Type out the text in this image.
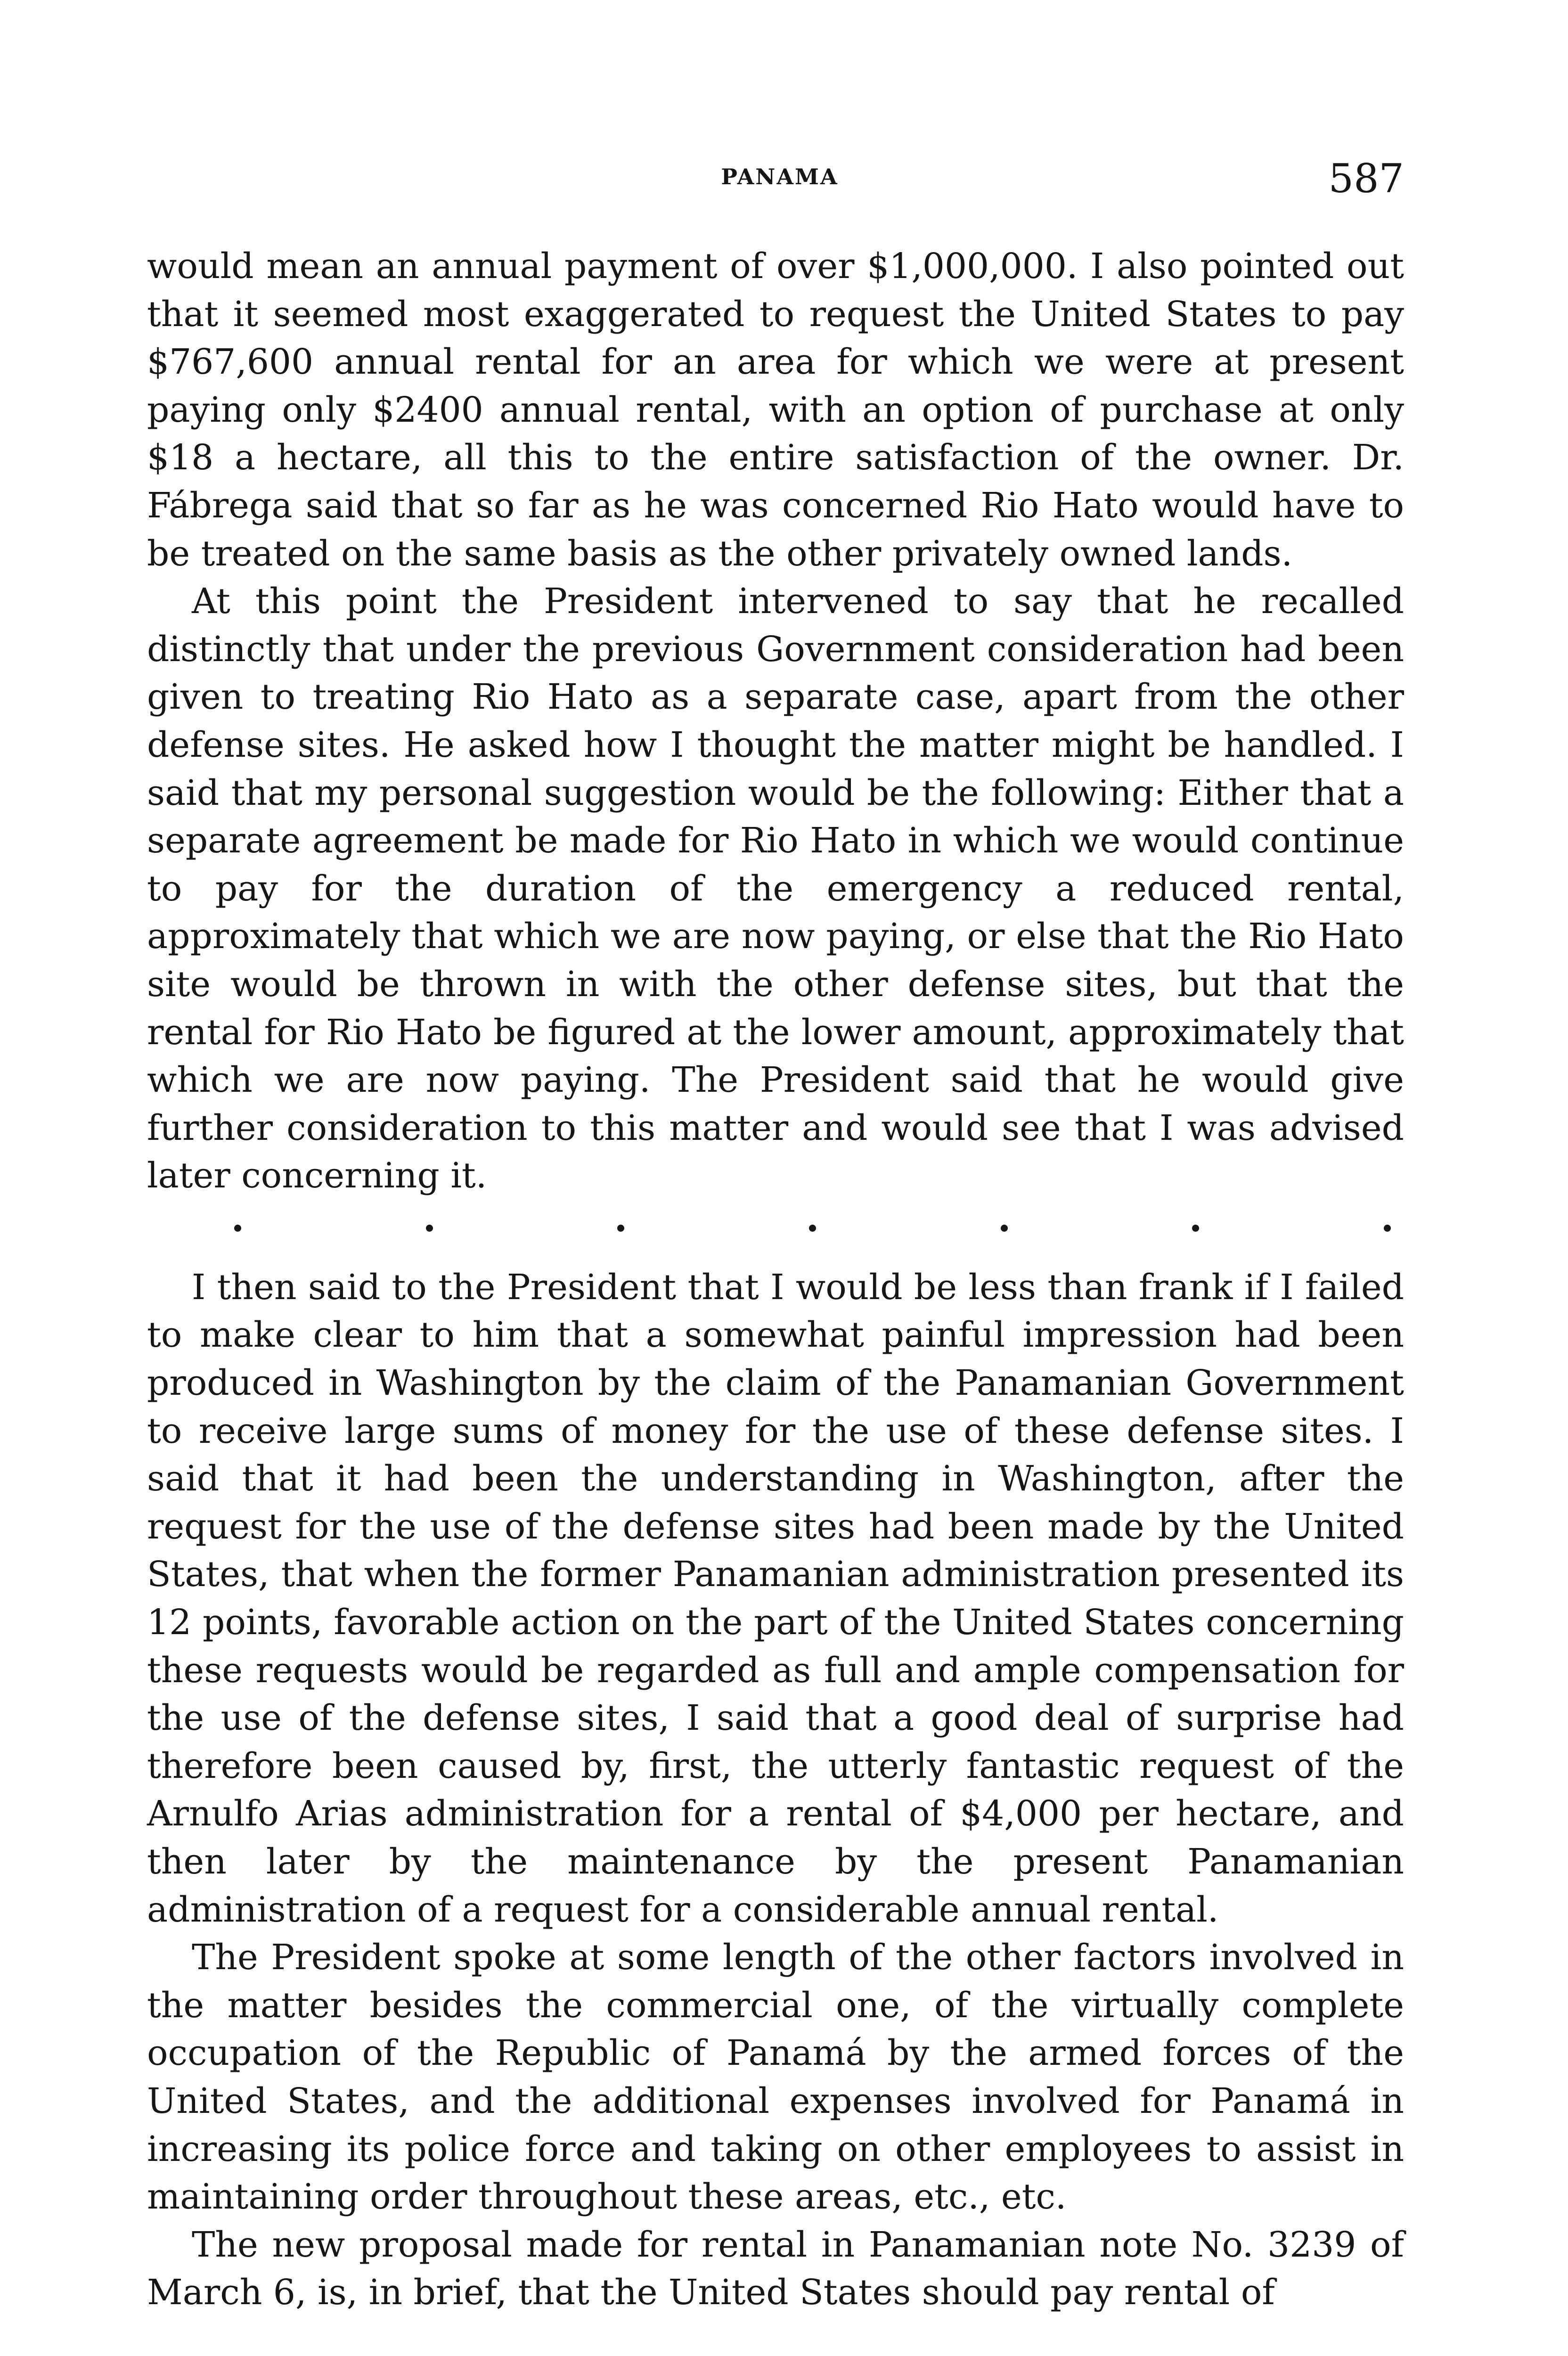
PANAMA	587

would mean an annual payment of over $1,000,000. I also pointed out that it seemed most exaggerated to request the United States to pay $767,600 annual rental for an area for which we were at present paying only $2400 annual rental, with an option of purchase at only $18 a hectare, all this to the entire satisfaction of the owner. Dr. Fábrega said that so far as he was concerned Rio Hato would have to be treated on the same basis as the other privately owned lands.

At this point the President intervened to say that he recalled distinctly that under the previous Government consideration had been given to treating Rio Hato as a separate case, apart from the other defense sites. He asked how I thought the matter might be handled. I said that my personal suggestion would be the following: Either that a separate agreement be made for Rio Hato in which we would continue to pay for the duration of the emergency a reduced rental, approximately that which we are now paying, or else that the Rio Hato site would be thrown in with the other defense sites, but that the rental for Rio Hato be figured at the lower amount, approximately that which we are now paying. The President said that he would give further consideration to this matter and would see that I was advised later concerning it.

I then said to the President that I would be less than frank if I failed to make clear to him that a somewhat painful impression had been produced in Washington by the claim of the Panamanian Government to receive large sums of money for the use of these defense sites. I said that it had been the understanding in Washington, after the request for the use of the defense sites had been made by the United States, that when the former Panamanian administration presented its 12 points, favorable action on the part of the United States concerning these requests would be regarded as full and ample compensation for the use of the defense sites, I said that a good deal of surprise had therefore been caused by, first, the utterly fantastic request of the Arnulfo Arias administration for a rental of $4,000 per hectare, and then later by the maintenance by the present Panamanian administration of a request for a considerable annual rental.

The President spoke at some length of the other factors involved in the matter besides the commercial one, of the virtually complete occupation of the Republic of Panamá by the armed forces of the United States, and the additional expenses involved for Panamá in increasing its police force and taking on other employees to assist in maintaining order throughout these areas, etc., etc.

The new proposal made for rental in Panamanian note No. 3239 of March 6, is, in brief, that the United States should pay rental of
